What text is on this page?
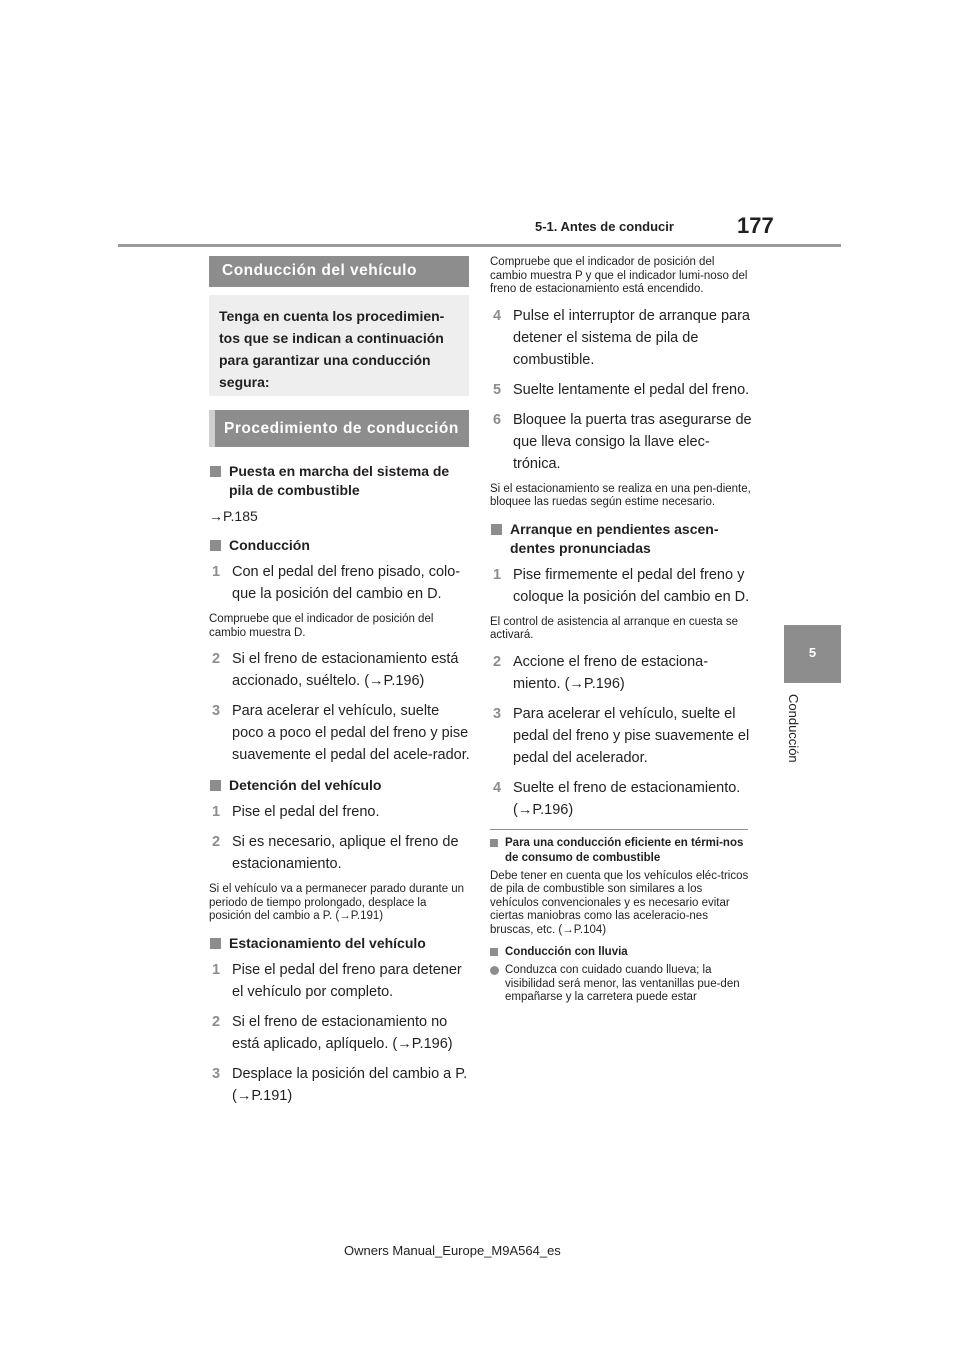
5-1. Antes de conducir	177
5
Conducción
Conducción del vehículo
Tenga en cuenta los procedimien-tos que se indican a continuación para garantizar una conducción segura:
Procedimiento de conducción
Puesta en marcha del sistema de pila de combustible
→P.185
Conducción
1 Con el pedal del freno pisado, colo-que la posición del cambio en D.
Compruebe que el indicador de posición del cambio muestra D.
2 Si el freno de estacionamiento está accionado, suéltelo. (→P.196)
3 Para acelerar el vehículo, suelte poco a poco el pedal del freno y pise suavemente el pedal del acele-rador.
Detención del vehículo
1 Pise el pedal del freno.
2 Si es necesario, aplique el freno de estacionamiento.
Si el vehículo va a permanecer parado durante un periodo de tiempo prolongado, desplace la posición del cambio a P. (→P.191)
Estacionamiento del vehículo
1 Pise el pedal del freno para detener el vehículo por completo.
2 Si el freno de estacionamiento no está aplicado, aplíquelo. (→P.196)
3 Desplace la posición del cambio a P. (→P.191)
Compruebe que el indicador de posición del cambio muestra P y que el indicador lumi-noso del freno de estacionamiento está encendido.
4 Pulse el interruptor de arranque para detener el sistema de pila de combustible.
5 Suelte lentamente el pedal del freno.
6 Bloquee la puerta tras asegurarse de que lleva consigo la llave elec-trónica.
Si el estacionamiento se realiza en una pen-diente, bloquee las ruedas según estime necesario.
Arranque en pendientes ascen-dentes pronunciadas
1 Pise firmemente el pedal del freno y coloque la posición del cambio en D.
El control de asistencia al arranque en cuesta se activará.
2 Accione el freno de estaciona-miento. (→P.196)
3 Para acelerar el vehículo, suelte el pedal del freno y pise suavemente el pedal del acelerador.
4 Suelte el freno de estacionamiento. (→P.196)
Para una conducción eficiente en térmi-nos de consumo de combustible
Debe tener en cuenta que los vehículos eléc-tricos de pila de combustible son similares a los vehículos convencionales y es necesario evitar ciertas maniobras como las aceleracio-nes bruscas, etc. (→P.104)
Conducción con lluvia
Conduzca con cuidado cuando llueva; la visibilidad será menor, las ventanillas pue-den empañarse y la carretera puede estar
Owners Manual_Europe_M9A564_es
